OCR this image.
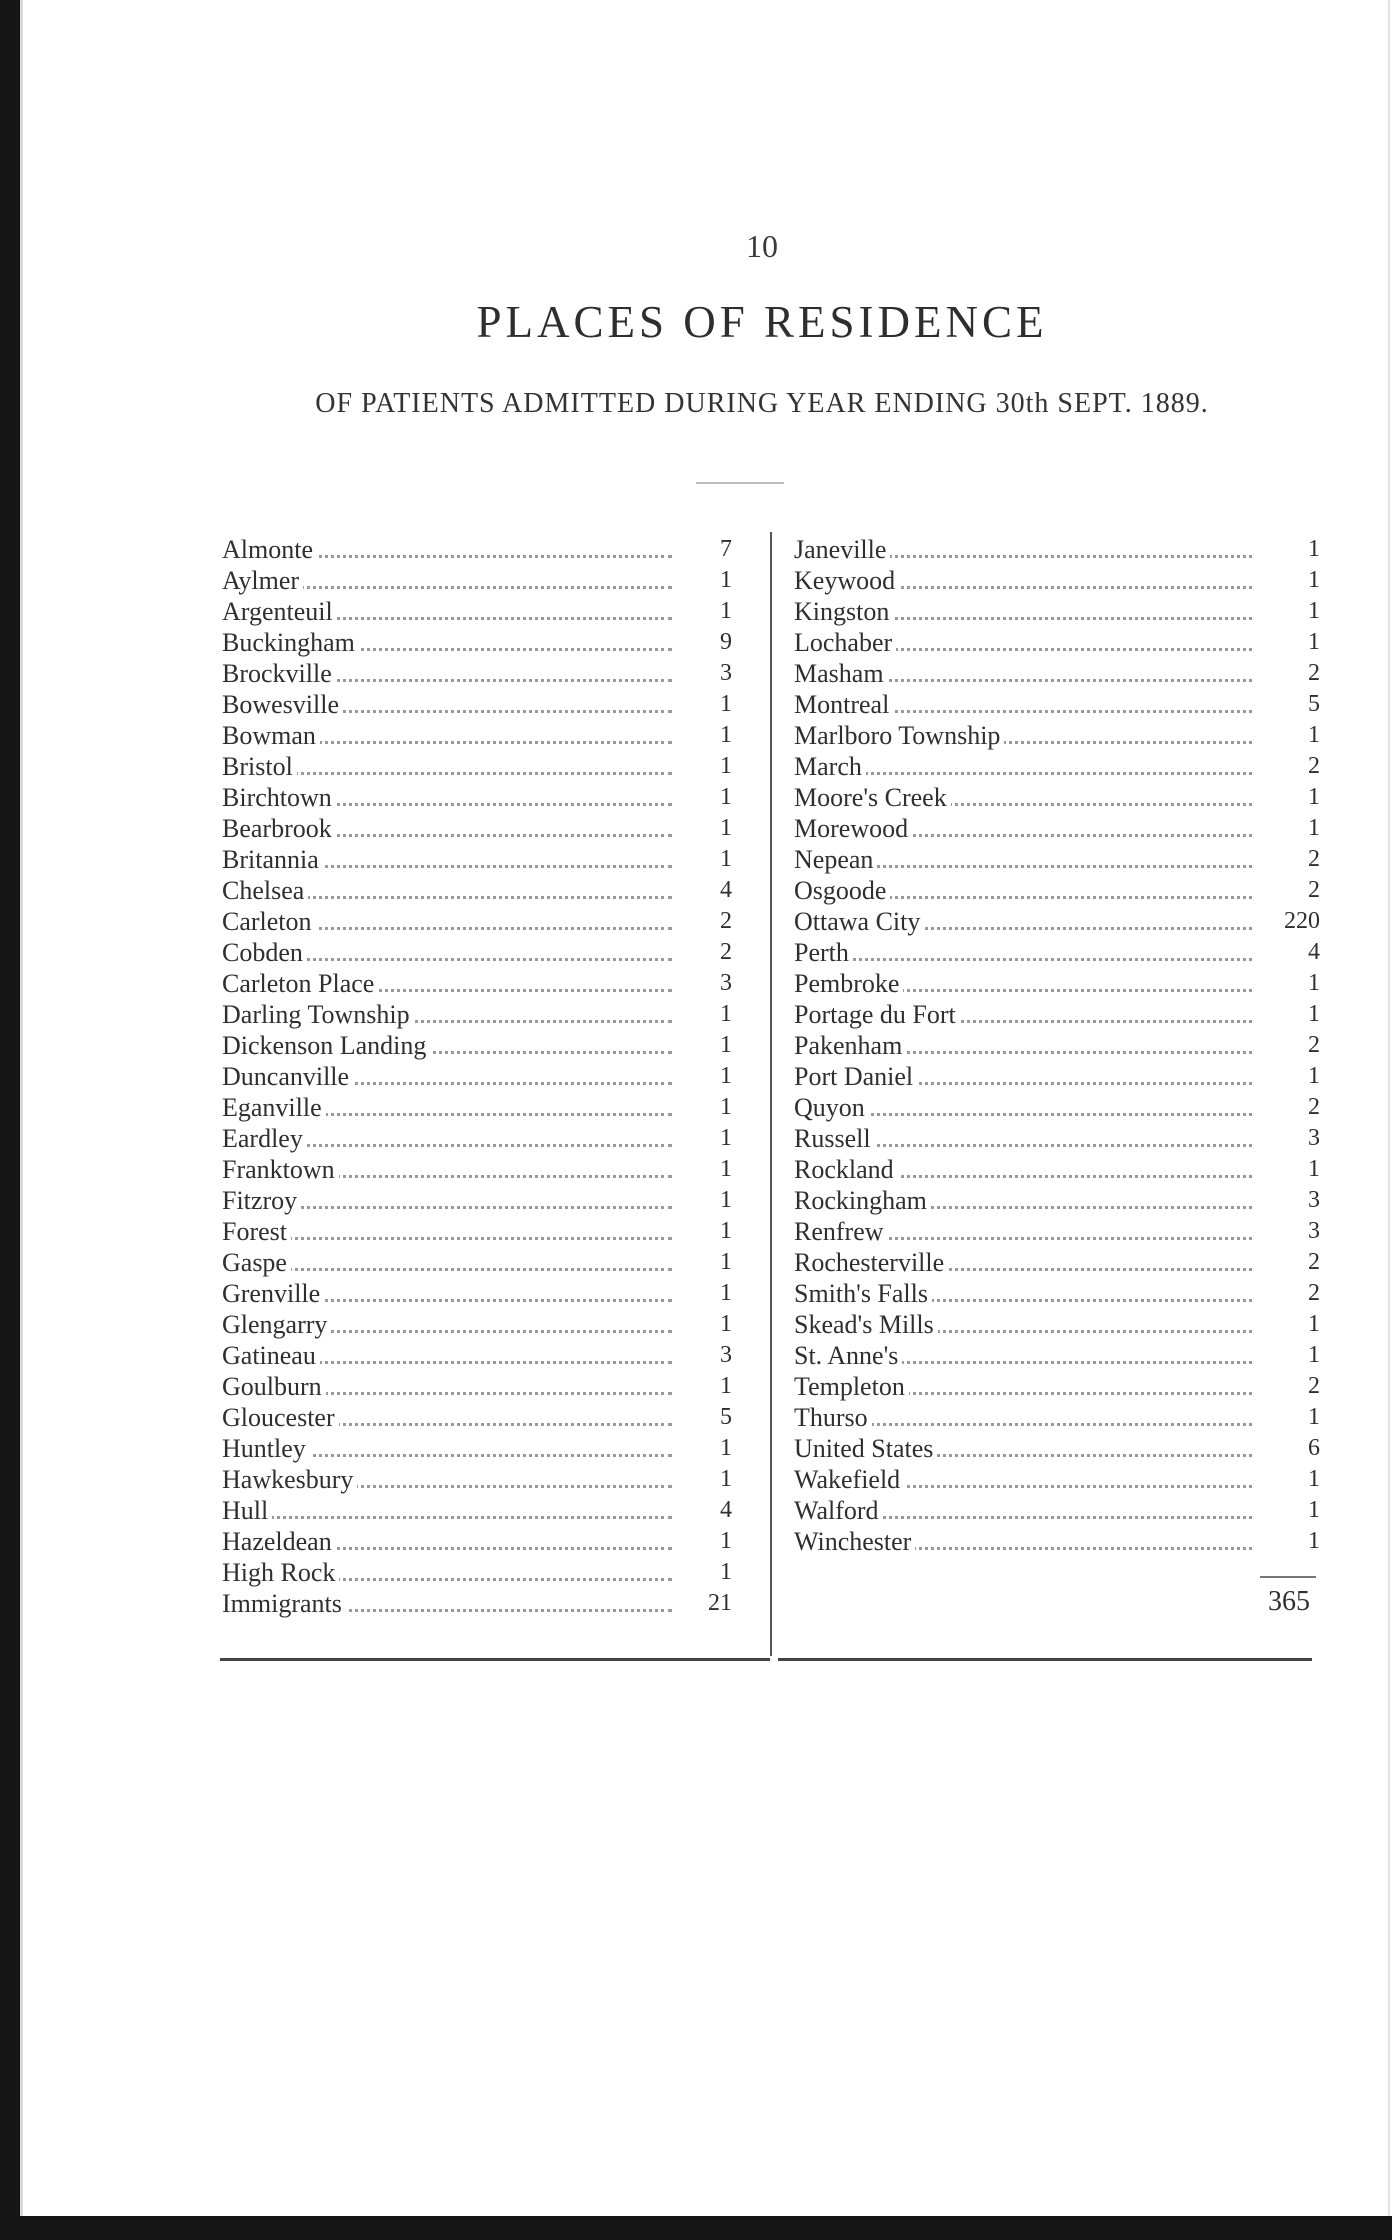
10
PLACES OF RESIDENCE
OF PATIENTS ADMITTED DURING YEAR ENDING 30th SEPT. 1889.
Almonte	7
Aylmer	1
Argenteuil	1
Buckingham	9
Brockville	3
Bowesville	1
Bowman	1
Bristol	1
Birchtown	1
Bearbrook	1
Britannia	1
Chelsea	4
Carleton	2
Cobden	2
Carleton Place	3
Darling Township	1
Dickenson Landing	1
Duncanville	1
Eganville	1
Eardley	1
Franktown	1
Fitzroy	1
Forest	1
Gaspe	1
Grenville	1
Glengarry	1
Gatineau	3
Goulburn	1
Gloucester	5
Huntley	1
Hawkesbury	1
Hull	4
Hazeldean	1
High Rock	1
Immigrants	21
Janeville	1
Keywood	1
Kingston	1
Lochaber	1
Masham	2
Montreal	5
Marlboro Township	1
March	2
Moore's Creek	1
Morewood	1
Nepean	2
Osgoode	2
Ottawa City	220
Perth	4
Pembroke	1
Portage du Fort	1
Pakenham	2
Port Daniel	1
Quyon	2
Russell	3
Rockland	1
Rockingham	3
Renfrew	3
Rochesterville	2
Smith's Falls	2
Skead's Mills	1
St. Anne's	1
Templeton	2
Thurso	1
United States	6
Wakefield	1
Walford	1
Winchester	1
365
